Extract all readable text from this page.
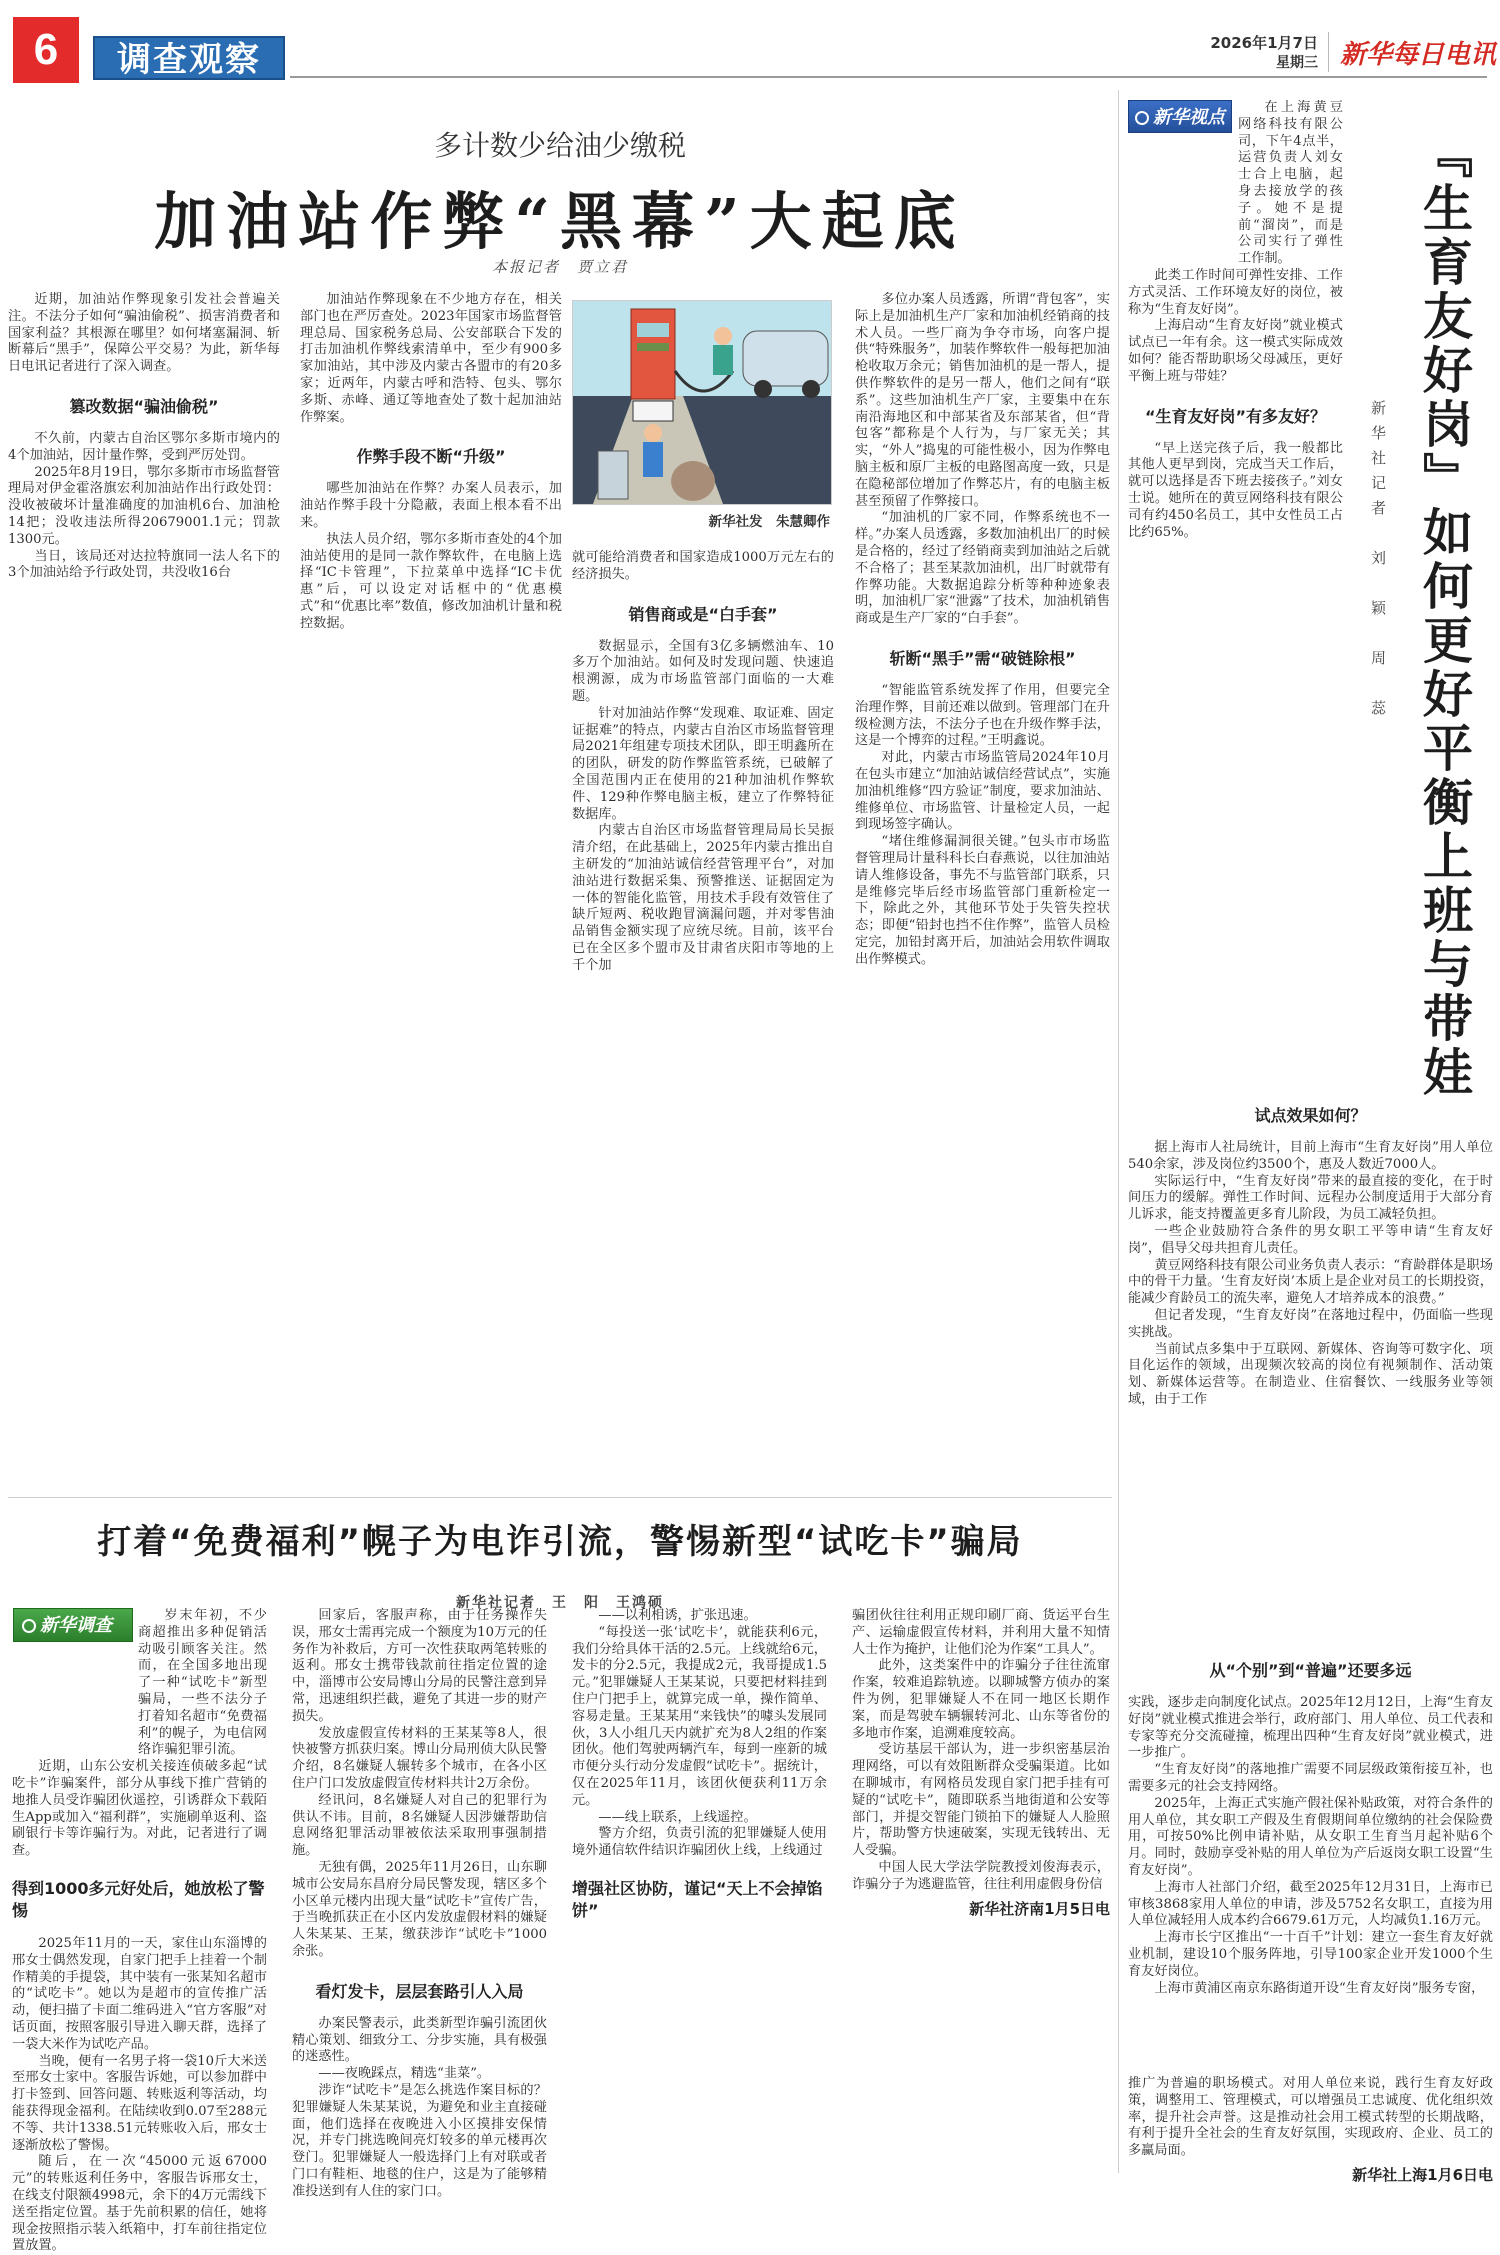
6	调查观察	2026年1月7日
星期三 新华每日电讯
多计数少给油少缴税
加油站作弊“黑幕”大起底
本报记者　贾立君

近期，加油站作弊现象引发社会普遍关注。不法分子如何“骗油偷税”、损害消费者和国家利益？其根源在哪里？如何堵塞漏洞、斩断幕后“黑手”，保障公平交易？为此，新华每日电讯记者进行了深入调查。

篡改数据“骗油偷税”

不久前，内蒙古自治区鄂尔多斯市境内的4个加油站，因计量作弊，受到严厉处罚。

2025年8月19日，鄂尔多斯市市场监督管理局对伊金霍洛旗宏利加油站作出行政处罚：没收被破坏计量准确度的加油机6台、加油枪14把；没收违法所得20679001.1元；罚款1300元。

当日，该局还对达拉特旗同一法人名下的3个加油站给予行政处罚，共没收16台

加油站作弊现象在不少地方存在，相关部门也在严厉查处。2023年国家市场监督管理总局、国家税务总局、公安部联合下发的打击加油机作弊线索清单中，至少有900多家加油站，其中涉及内蒙古各盟市的有20多家；近两年，内蒙古呼和浩特、包头、鄂尔多斯、赤峰、通辽等地查处了数十起加油站作弊案。

作弊手段不断“升级”

哪些加油站在作弊？办案人员表示，加油站作弊手段十分隐蔽，表面上根本看不出来。

执法人员介绍，鄂尔多斯市查处的4个加油站使用的是同一款作弊软件，在电脑上选择“IC卡管理”，下拉菜单中选择“IC卡优惠”后，可以设定对话框中的“优惠模式”和“优惠比率”数值，修改加油机计量和税控数据。

新华社发　朱慧卿作

就可能给消费者和国家造成1000万元左右的经济损失。

销售商或是“白手套”

数据显示，全国有3亿多辆燃油车、10多万个加油站。如何及时发现问题、快速追根溯源，成为市场监管部门面临的一大难题。

针对加油站作弊“发现难、取证难、固定证据难”的特点，内蒙古自治区市场监督管理局2021年组建专项技术团队，即王明鑫所在的团队，研发的防作弊监管系统，已破解了全国范围内正在使用的21种加油机作弊软件、129种作弊电脑主板，建立了作弊特征数据库。

内蒙古自治区市场监督管理局局长吴振清介绍，在此基础上，2025年内蒙古推出自主研发的“加油站诚信经营管理平台”，对加油站进行数据采集、预警推送、证据固定为一体的智能化监管，用技术手段有效管住了缺斤短两、税收跑冒滴漏问题，并对零售油品销售金额实现了应统尽统。目前，该平台已在全区多个盟市及甘肃省庆阳市等地的上千个加

多位办案人员透露，所谓“背包客”，实际上是加油机生产厂家和加油机经销商的技术人员。一些厂商为争夺市场，向客户提供“特殊服务”，加装作弊软件一般每把加油枪收取万余元；销售加油机的是一帮人，提供作弊软件的是另一帮人，他们之间有“联系”。这些加油机生产厂家，主要集中在东南沿海地区和中部某省及东部某省，但“背包客”都称是个人行为，与厂家无关；其实，“外人”捣鬼的可能性极小，因为作弊电脑主板和原厂主板的电路图高度一致，只是在隐秘部位增加了作弊芯片，有的电脑主板甚至预留了作弊接口。

“加油机的厂家不同，作弊系统也不一样。”办案人员透露，多数加油机出厂的时候是合格的，经过了经销商卖到加油站之后就不合格了；甚至某款加油机，出厂时就带有作弊功能。大数据追踪分析等种种迹象表明，加油机厂家“泄露”了技术，加油机销售商或是生产厂家的“白手套”。

斩断“黑手”需“破链除根”

“智能监管系统发挥了作用，但要完全治理作弊，目前还难以做到。管理部门在升级检测方法，不法分子也在升级作弊手法，这是一个博弈的过程。”王明鑫说。

对此，内蒙古市场监管局2024年10月在包头市建立“加油站诚信经营试点”，实施加油机维修“四方验证”制度，要求加油站、维修单位、市场监管、计量检定人员，一起到现场签字确认。

“堵住维修漏洞很关键。”包头市市场监督管理局计量科科长白春燕说，以往加油站请人维修设备，事先不与监管部门联系，只是维修完毕后经市场监管部门重新检定一下，除此之外，其他环节处于失管失控状态；即便“铅封也挡不住作弊”，监管人员检定完，加铅封离开后，加油站会用软件调取出作弊模式。

新华视点	在上海黄豆网络科技有限公司，下午4点半，运营负责人刘女士合上电脑，起身去接放学的孩子。她不是提前“溜岗”，而是公司实行了弹性工作制。

此类工作时间可弹性安排、工作方式灵活、工作环境友好的岗位，被称为“生育友好岗”。

上海启动“生育友好岗”就业模式试点已一年有余。这一模式实际成效如何？能否帮助职场父母减压，更好平衡上班与带娃？

“生育友好岗”有多友好？

“早上送完孩子后，我一般都比其他人更早到岗，完成当天工作后，就可以选择是否下班去接孩子。”刘女士说。她所在的黄豆网络科技有限公司有约450名员工，其中女性员工占比约65%。	『生育友好岗』如何更好平衡上班与带娃
新华社记者　刘　颖　周　蕊
试点效果如何？

据上海市人社局统计，目前上海市“生育友好岗”用人单位540余家，涉及岗位约3500个，惠及人数近7000人。

实际运行中，“生育友好岗”带来的最直接的变化，在于时间压力的缓解。弹性工作时间、远程办公制度适用于大部分育儿诉求，能支持覆盖更多育儿阶段，为员工减轻负担。

一些企业鼓励符合条件的男女职工平等申请“生育友好岗”，倡导父母共担育儿责任。

黄豆网络科技有限公司业务负责人表示：“育龄群体是职场中的骨干力量。‘生育友好岗’本质上是企业对员工的长期投资，能减少育龄员工的流失率，避免人才培养成本的浪费。”

但记者发现，“生育友好岗”在落地过程中，仍面临一些现实挑战。

当前试点多集中于互联网、新媒体、咨询等可数字化、项目化运作的领域，出现频次较高的岗位有视频制作、活动策划、新媒体运营等。在制造业、住宿餐饮、一线服务业等领域，由于工作

从“个别”到“普遍”还要多远

实践，逐步走向制度化试点。2025年12月12日，上海“生育友好岗”就业模式推进会举行，政府部门、用人单位、员工代表和专家等充分交流碰撞，梳理出四种“生育友好岗”就业模式，进一步推广。

“生育友好岗”的落地推广需要不同层级政策衔接互补，也需要多元的社会支持网络。

2025年，上海正式实施产假社保补贴政策，对符合条件的用人单位，其女职工产假及生育假期间单位缴纳的社会保险费用，可按50%比例申请补贴，从女职工生育当月起补贴6个月。同时，鼓励享受补贴的用人单位为产后返岗女职工设置“生育友好岗”。

上海市人社部门介绍，截至2025年12月31日，上海市已审核3868家用人单位的申请，涉及5752名女职工，直接为用人单位减轻用人成本约合6679.61万元，人均减负1.16万元。

上海市长宁区推出“一十百千”计划：建立一套生育友好就业机制，建设10个服务阵地，引导100家企业开发1000个生育友好岗位。

上海市黄浦区南京东路街道开设“生育友好岗”服务专窗，

推广为普遍的职场模式。对用人单位来说，践行生育友好政策，调整用工、管理模式，可以增强员工忠诚度、优化组织效率，提升社会声誉。这是推动社会用工模式转型的长期战略，有利于提升全社会的生育友好氛围，实现政府、企业、员工的多赢局面。

新华社上海1月6日电
打着“免费福利”幌子为电诈引流，警惕新型“试吃卡”骗局
新华社记者　王　阳　王鸿硕
新华调查	岁末年初，不少商超推出多种促销活动吸引顾客关注。然而，在全国多地出现了一种“试吃卡”新型骗局，一些不法分子打着知名超市“免费福利”的幌子，为电信网络诈骗犯罪引流。

近期，山东公安机关接连侦破多起“试吃卡”诈骗案件，部分从事线下推广营销的地推人员受诈骗团伙遥控，引诱群众下载陌生App或加入“福利群”，实施刷单返利、盗刷银行卡等诈骗行为。对此，记者进行了调查。

得到1000多元好处后，她放松了警惕

2025年11月的一天，家住山东淄博的邢女士偶然发现，自家门把手上挂着一个制作精美的手提袋，其中装有一张某知名超市的“试吃卡”。她以为是超市的宣传推广活动，便扫描了卡面二维码进入“官方客服”对话页面，按照客服引导进入聊天群，选择了一袋大米作为试吃产品。

当晚，便有一名男子将一袋10斤大米送至邢女士家中。客服告诉她，可以参加群中打卡签到、回答问题、转账返利等活动，均能获得现金福利。在陆续收到0.07至288元不等、共计1338.51元转账收入后，邢女士逐渐放松了警惕。

随后，在一次“45000元返67000元”的转账返利任务中，客服告诉邢女士，在线支付限额4998元，余下的4万元需线下送至指定位置。基于先前积累的信任，她将现金按照指示装入纸箱中，打车前往指定位置放置。

回家后，客服声称，由于任务操作失误，邢女士需再完成一个额度为10万元的任务作为补救后，方可一次性获取两笔转账的返利。邢女士携带钱款前往指定位置的途中，淄博市公安局博山分局的民警注意到异常，迅速组织拦截，避免了其进一步的财产损失。

发放虚假宣传材料的王某某等8人，很快被警方抓获归案。博山分局刑侦大队民警介绍，8名嫌疑人辗转多个城市，在各小区住户门口发放虚假宣传材料共计2万余份。

经讯问，8名嫌疑人对自己的犯罪行为供认不讳。目前，8名嫌疑人因涉嫌帮助信息网络犯罪活动罪被依法采取刑事强制措施。

无独有偶，2025年11月26日，山东聊城市公安局东昌府分局民警发现，辖区多个小区单元楼内出现大量“试吃卡”宣传广告，于当晚抓获正在小区内发放虚假材料的嫌疑人朱某某、王某，缴获涉诈“试吃卡”1000余张。

看灯发卡，层层套路引人入局

办案民警表示，此类新型诈骗引流团伙精心策划、细致分工、分步实施，具有极强的迷惑性。

——夜晚踩点，精选“韭菜”。

涉诈“试吃卡”是怎么挑选作案目标的？犯罪嫌疑人朱某某说，为避免和业主直接碰面，他们选择在夜晚进入小区摸排安保情况，并专门挑选晚间亮灯较多的单元楼再次登门。犯罪嫌疑人一般选择门上有对联或者门口有鞋柜、地毯的住户，这是为了能够精准投送到有人住的家门口。

——以利相诱，扩张迅速。

“每投送一张‘试吃卡’，就能获利6元，我们分给具体干活的2.5元。上线就给6元，发卡的分2.5元，我提成2元，我哥提成1.5元。”犯罪嫌疑人王某某说，只要把材料挂到住户门把手上，就算完成一单，操作简单、容易走量。王某某用“来钱快”的噱头发展同伙，3人小组几天内就扩充为8人2组的作案团伙。他们驾驶两辆汽车，每到一座新的城市便分头行动分发虚假“试吃卡”。据统计，仅在2025年11月，该团伙便获利11万余元。

——线上联系，上线遥控。

警方介绍，负责引流的犯罪嫌疑人使用境外通信软件结识诈骗团伙上线，上线通过

增强社区协防，谨记“天上不会掉馅饼”

骗团伙往往利用正规印刷厂商、货运平台生产、运输虚假宣传材料，并利用大量不知情人士作为掩护，让他们沦为作案“工具人”。

此外，这类案件中的诈骗分子往往流窜作案，较难追踪轨迹。以聊城警方侦办的案件为例，犯罪嫌疑人不在同一地区长期作案，而是驾驶车辆辗转河北、山东等省份的多地市作案，追溯难度较高。

受访基层干部认为，进一步织密基层治理网络，可以有效阻断群众受骗渠道。比如在聊城市，有网格员发现自家门把手挂有可疑的“试吃卡”，随即联系当地街道和公安等部门，并提交智能门锁拍下的嫌疑人人脸照片，帮助警方快速破案，实现无钱转出、无人受骗。

中国人民大学法学院教授刘俊海表示，诈骗分子为逃避监管，往往利用虚假身份信

新华社济南1月5日电
